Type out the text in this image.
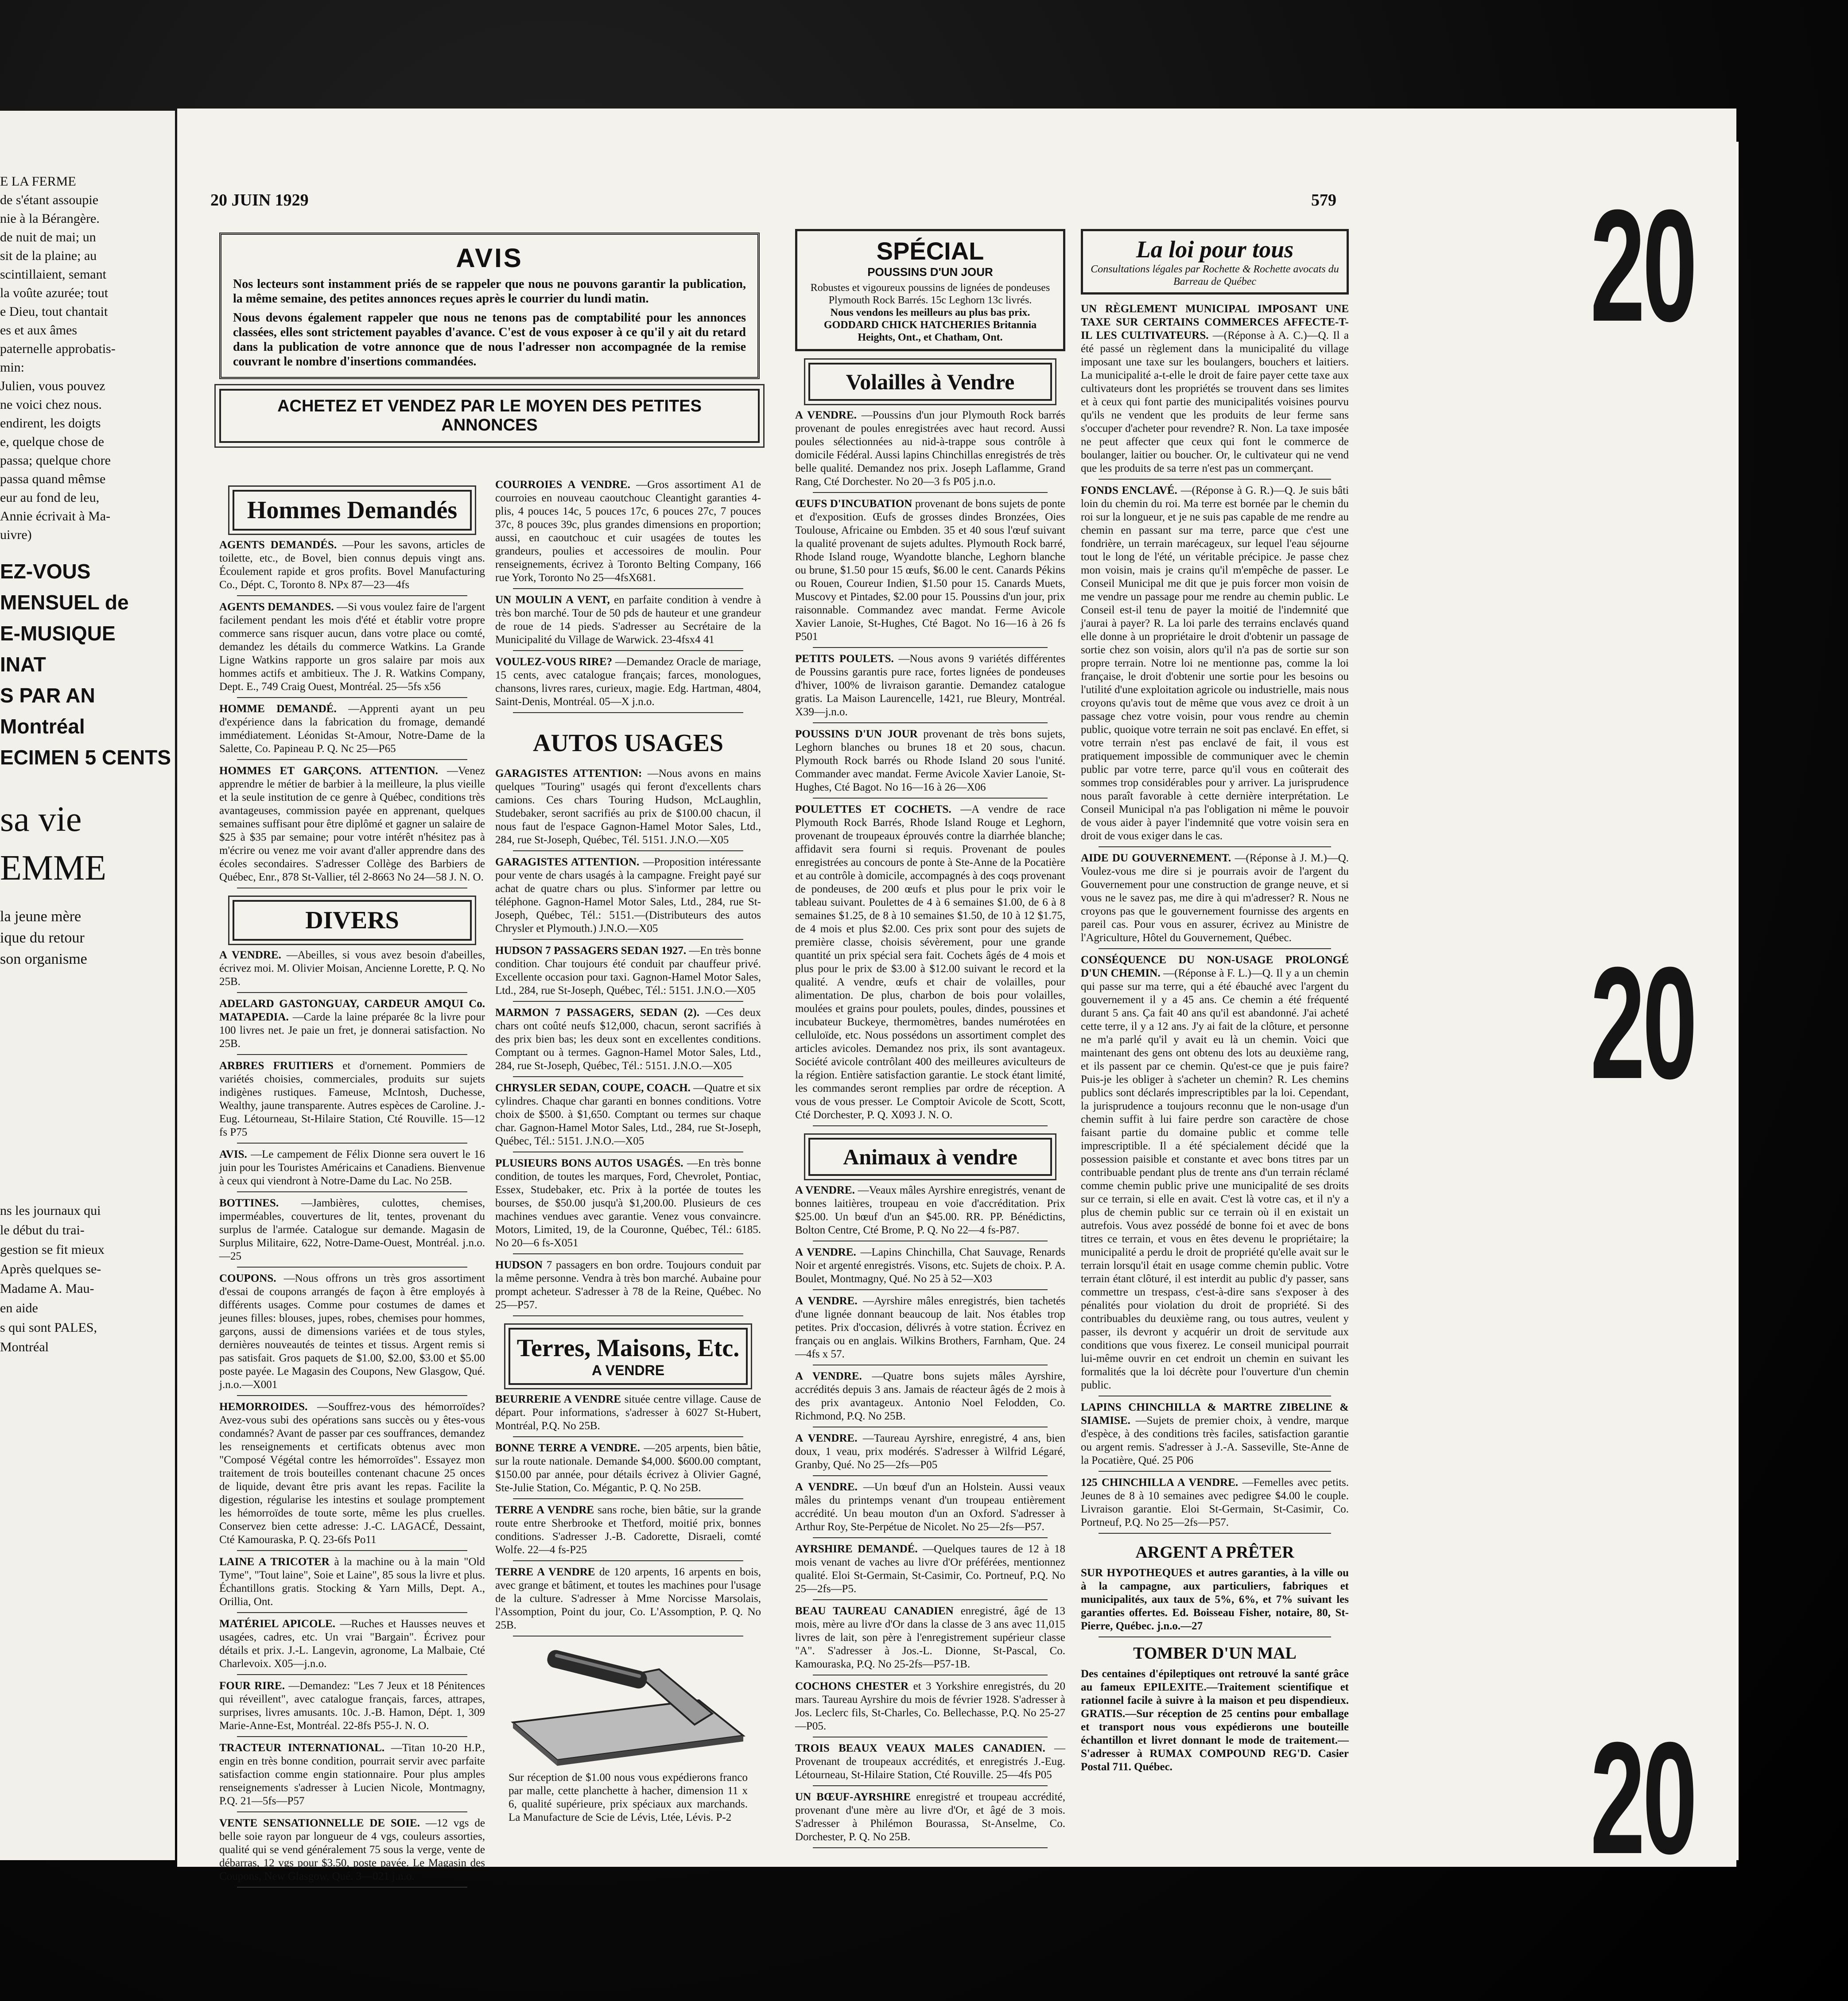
E LA FERME
de s'étant assoupie
nie à la Bérangère.
de nuit de mai; un
sit de la plaine; au
scintillaient, semant
la voûte azurée; tout
e Dieu, tout chantait
es et aux âmes
paternelle approbatis-
min:
Julien, vous pouvez
ne voici chez nous.
endirent, les doigts
e, quelque chose de
passa; quelque chore
passa quand mêmse
eur au fond de leu,
Annie écrivait à Ma-
uivre)
EZ-VOUS
MENSUEL de
E-MUSIQUE
INAT
S PAR AN
Montréal
ECIMEN 5 CENTS
sa vie
EMME
la jeune mère
ique du retour
son organisme
ns les journaux qui
le début du trai-
gestion se fit mieux
Après quelques se-
Madame A. Mau-
en aide
s qui sont PALES,
Montréal
20 JUIN 1929	579
AVIS

Nos lecteurs sont instamment priés de se rappeler que nous ne pouvons garantir la publication, la même semaine, des petites annonces reçues après le courrier du lundi matin.

Nous devons également rappeler que nous ne tenons pas de comptabilité pour les annonces classées, elles sont strictement payables d'avance. C'est de vous exposer à ce qu'il y ait du retard dans la publication de votre annonce que de nous l'adresser non accompagnée de la remise couvrant le nombre d'insertions commandées.

ACHETEZ ET VENDEZ PAR LE MOYEN DES PETITES ANNONCES
Hommes Demandés

AGENTS DEMANDÉS. —Pour les savons, articles de toilette, etc., de Bovel, bien connus depuis vingt ans. Écoulement rapide et gros profits. Bovel Manufacturing Co., Dépt. C, Toronto 8. NPx 87—23—4fs

AGENTS DEMANDES. —Si vous voulez faire de l'argent facilement pendant les mois d'été et établir votre propre commerce sans risquer aucun, dans votre place ou comté, demandez les détails du commerce Watkins. La Grande Ligne Watkins rapporte un gros salaire par mois aux hommes actifs et ambitieux. The J. R. Watkins Company, Dept. E., 749 Craig Ouest, Montréal. 25—5fs x56

HOMME DEMANDÉ. —Apprenti ayant un peu d'expérience dans la fabrication du fromage, demandé immédiatement. Léonidas St-Amour, Notre-Dame de la Salette, Co. Papineau P. Q. Nc 25—P65

HOMMES ET GARÇONS. ATTENTION. —Venez apprendre le métier de barbier à la meilleure, la plus vieille et la seule institution de ce genre à Québec, conditions très avantageuses, commission payée en apprenant, quelques semaines suffisant pour être diplômé et gagner un salaire de $25 à $35 par semaine; pour votre intérêt n'hésitez pas à m'écrire ou venez me voir avant d'aller apprendre dans des écoles secondaires. S'adresser Collège des Barbiers de Québec, Enr., 878 St-Vallier, tél 2-8663 No 24—58 J. N. O.

DIVERS

A VENDRE. —Abeilles, si vous avez besoin d'abeilles, écrivez moi. M. Olivier Moisan, Ancienne Lorette, P. Q. No 25B.

ADELARD GASTONGUAY, CARDEUR AMQUI Co. MATAPEDIA. —Carde la laine préparée 8c la livre pour 100 livres net. Je paie un fret, je donnerai satisfaction. No 25B.

ARBRES FRUITIERS et d'ornement. Pommiers de variétés choisies, commerciales, produits sur sujets indigènes rustiques. Fameuse, McIntosh, Duchesse, Wealthy, jaune transparente. Autres espèces de Caroline. J.-Eug. Létourneau, St-Hilaire Station, Cté Rouville. 15—12 fs P75

AVIS. —Le campement de Félix Dionne sera ouvert le 16 juin pour les Touristes Américains et Canadiens. Bienvenue à ceux qui viendront à Notre-Dame du Lac. No 25B.

BOTTINES. —Jambières, culottes, chemises, imperméables, couvertures de lit, tentes, provenant du surplus de l'armée. Catalogue sur demande. Magasin de Surplus Militaire, 622, Notre-Dame-Ouest, Montréal. j.n.o.—25

COUPONS. —Nous offrons un très gros assortiment d'essai de coupons arrangés de façon à être employés à différents usages. Comme pour costumes de dames et jeunes filles: blouses, jupes, robes, chemises pour hommes, garçons, aussi de dimensions variées et de tous styles, dernières nouveautés de teintes et tissus. Argent remis si pas satisfait. Gros paquets de $1.00, $2.00, $3.00 et $5.00 poste payée. Le Magasin des Coupons, New Glasgow, Qué. j.n.o.—X001

HEMORROIDES. —Souffrez-vous des hémorroïdes? Avez-vous subi des opérations sans succès ou y êtes-vous condamnés? Avant de passer par ces souffrances, demandez les renseignements et certificats obtenus avec mon "Composé Végétal contre les hémorroïdes". Essayez mon traitement de trois bouteilles contenant chacune 25 onces de liquide, devant être pris avant les repas. Facilite la digestion, régularise les intestins et soulage promptement les hémorroïdes de toute sorte, même les plus cruelles. Conservez bien cette adresse: J.-C. LAGACÉ, Dessaint, Cté Kamouraska, P. Q. 23-6fs Po11

LAINE A TRICOTER à la machine ou à la main "Old Tyme", "Tout laine", Soie et Laine", 85 sous la livre et plus. Échantillons gratis. Stocking & Yarn Mills, Dept. A., Orillia, Ont.

MATÉRIEL APICOLE. —Ruches et Hausses neuves et usagées, cadres, etc. Un vrai "Bargain". Écrivez pour détails et prix. J.-L. Langevin, agronome, La Malbaie, Cté Charlevoix. X05—j.n.o.

FOUR RIRE. —Demandez: "Les 7 Jeux et 18 Pénitences qui réveillent", avec catalogue français, farces, attrapes, surprises, livres amusants. 10c. J.-B. Hamon, Dépt. 1, 309 Marie-Anne-Est, Montréal. 22-8fs P55-J. N. O.

TRACTEUR INTERNATIONAL. —Titan 10-20 H.P., engin en très bonne condition, pourrait servir avec parfaite satisfaction comme engin stationnaire. Pour plus amples renseignements s'adresser à Lucien Nicole, Montmagny, P.Q. 21—5fs—P57

VENTE SENSATIONNELLE DE SOIE. —12 vgs de belle soie rayon par longueur de 4 vgs, couleurs assorties, qualité qui se vend généralement 75 sous la verge, vente de débarras, 12 vgs pour $3.50, poste payée. Le Magasin des Coupons, New Glasgow, Qué. 3—021 j.n.o.

COURROIES A VENDRE. —Gros assortiment A1 de courroies en nouveau caoutchouc Cleantight garanties 4-plis, 4 pouces 14c, 5 pouces 17c, 6 pouces 27c, 7 pouces 37c, 8 pouces 39c, plus grandes dimensions en proportion; aussi, en caoutchouc et cuir usagées de toutes les grandeurs, poulies et accessoires de moulin. Pour renseignements, écrivez à Toronto Belting Company, 166 rue York, Toronto No 25—4fsX681.

UN MOULIN A VENT, en parfaite condition à vendre à très bon marché. Tour de 50 pds de hauteur et une grandeur de roue de 14 pieds. S'adresser au Secrétaire de la Municipalité du Village de Warwick. 23-4fsx4 41

VOULEZ-VOUS RIRE? —Demandez Oracle de mariage, 15 cents, avec catalogue français; farces, monologues, chansons, livres rares, curieux, magie. Edg. Hartman, 4804, Saint-Denis, Montréal. 05—X j.n.o.

AUTOS USAGES

GARAGISTES ATTENTION: —Nous avons en mains quelques "Touring" usagés qui feront d'excellents chars camions. Ces chars Touring Hudson, McLaughlin, Studebaker, seront sacrifiés au prix de $100.00 chacun, il nous faut de l'espace Gagnon-Hamel Motor Sales, Ltd., 284, rue St-Joseph, Québec, Tél. 5151. J.N.O.—X05

GARAGISTES ATTENTION. —Proposition intéressante pour vente de chars usagés à la campagne. Freight payé sur achat de quatre chars ou plus. S'informer par lettre ou téléphone. Gagnon-Hamel Motor Sales, Ltd., 284, rue St-Joseph, Québec, Tél.: 5151.—(Distributeurs des autos Chrysler et Plymouth.) J.N.O.—X05

HUDSON 7 PASSAGERS SEDAN 1927. —En très bonne condition. Char toujours été conduit par chauffeur privé. Excellente occasion pour taxi. Gagnon-Hamel Motor Sales, Ltd., 284, rue St-Joseph, Québec, Tél.: 5151. J.N.O.—X05

MARMON 7 PASSAGERS, SEDAN (2). —Ces deux chars ont coûté neufs $12,000, chacun, seront sacrifiés à des prix bien bas; les deux sont en excellentes conditions. Comptant ou à termes. Gagnon-Hamel Motor Sales, Ltd., 284, rue St-Joseph, Québec, Tél.: 5151. J.N.O.—X05

CHRYSLER SEDAN, COUPE, COACH. —Quatre et six cylindres. Chaque char garanti en bonnes conditions. Votre choix de $500. à $1,650. Comptant ou termes sur chaque char. Gagnon-Hamel Motor Sales, Ltd., 284, rue St-Joseph, Québec, Tél.: 5151. J.N.O.—X05

PLUSIEURS BONS AUTOS USAGÉS. —En très bonne condition, de toutes les marques, Ford, Chevrolet, Pontiac, Essex, Studebaker, etc. Prix à la portée de toutes les bourses, de $50.00 jusqu'à $1,200.00. Plusieurs de ces machines vendues avec garantie. Venez vous convaincre. Motors, Limited, 19, de la Couronne, Québec, Tél.: 6185. No 20—6 fs-X051

HUDSON 7 passagers en bon ordre. Toujours conduit par la même personne. Vendra à très bon marché. Aubaine pour prompt acheteur. S'adresser à 78 de la Reine, Québec. No 25—P57.

Terres, Maisons, Etc.
A VENDRE

BEURRERIE A VENDRE située centre village. Cause de départ. Pour informations, s'adresser à 6027 St-Hubert, Montréal, P.Q. No 25B.

BONNE TERRE A VENDRE. —205 arpents, bien bâtie, sur la route nationale. Demande $4,000. $600.00 comptant, $150.00 par année, pour détails écrivez à Olivier Gagné, Ste-Julie Station, Co. Mégantic, P. Q. No 25B.

TERRE A VENDRE sans roche, bien bâtie, sur la grande route entre Sherbrooke et Thetford, moitié prix, bonnes conditions. S'adresser J.-B. Cadorette, Disraeli, comté Wolfe. 22—4 fs-P25

TERRE A VENDRE de 120 arpents, 16 arpents en bois, avec grange et bâtiment, et toutes les machines pour l'usage de la culture. S'adresser à Mme Norcisse Marsolais, l'Assomption, Point du jour, Co. L'Assomption, P. Q. No 25B.

Sur réception de $1.00 nous vous expédierons franco par malle, cette planchette à hacher, dimension 11 x 6, qualité supérieure, prix spéciaux aux marchands. La Manufacture de Scie de Lévis, Ltée, Lévis. P-2

SPÉCIAL
POUSSINS D'UN JOUR

Robustes et vigoureux poussins de lignées de pondeuses Plymouth Rock Barrés. 15c Leghorn 13c livrés.

Nous vendons les meilleurs au plus bas prix.

GODDARD CHICK HATCHERIES Britannia Heights, Ont., et Chatham, Ont.

Volailles à Vendre

A VENDRE. —Poussins d'un jour Plymouth Rock barrés provenant de poules enregistrées avec haut record. Aussi poules sélectionnées au nid-à-trappe sous contrôle à domicile Fédéral. Aussi lapins Chinchillas enregistrés de très belle qualité. Demandez nos prix. Joseph Laflamme, Grand Rang, Cté Dorchester. No 20—3 fs P05 j.n.o.

ŒUFS D'INCUBATION provenant de bons sujets de ponte et d'exposition. Œufs de grosses dindes Bronzées, Oies Toulouse, Africaine ou Embden. 35 et 40 sous l'œuf suivant la qualité provenant de sujets adultes. Plymouth Rock barré, Rhode Island rouge, Wyandotte blanche, Leghorn blanche ou brune, $1.50 pour 15 œufs, $6.00 le cent. Canards Pékins ou Rouen, Coureur Indien, $1.50 pour 15. Canards Muets, Muscovy et Pintades, $2.00 pour 15. Poussins d'un jour, prix raisonnable. Commandez avec mandat. Ferme Avicole Xavier Lanoie, St-Hughes, Cté Bagot. No 16—16 à 26 fs P501

PETITS POULETS. —Nous avons 9 variétés différentes de Poussins garantis pure race, fortes lignées de pondeuses d'hiver, 100% de livraison garantie. Demandez catalogue gratis. La Maison Laurencelle, 1421, rue Bleury, Montréal. X39—j.n.o.

POUSSINS D'UN JOUR provenant de très bons sujets, Leghorn blanches ou brunes 18 et 20 sous, chacun. Plymouth Rock barrés ou Rhode Island 20 sous l'unité. Commander avec mandat. Ferme Avicole Xavier Lanoie, St-Hughes, Cté Bagot. No 16—16 à 26—X06

POULETTES ET COCHETS. —A vendre de race Plymouth Rock Barrés, Rhode Island Rouge et Leghorn, provenant de troupeaux éprouvés contre la diarrhée blanche; affidavit sera fourni si requis. Provenant de poules enregistrées au concours de ponte à Ste-Anne de la Pocatière et au contrôle à domicile, accompagnés à des coqs provenant de pondeuses, de 200 œufs et plus pour le prix voir le tableau suivant. Poulettes de 4 à 6 semaines $1.00, de 6 à 8 semaines $1.25, de 8 à 10 semaines $1.50, de 10 à 12 $1.75, de 4 mois et plus $2.00. Ces prix sont pour des sujets de première classe, choisis sévèrement, pour une grande quantité un prix spécial sera fait. Cochets âgés de 4 mois et plus pour le prix de $3.00 à $12.00 suivant le record et la qualité. A vendre, œufs et chair de volailles, pour alimentation. De plus, charbon de bois pour volailles, moulées et grains pour poulets, poules, dindes, poussines et incubateur Buckeye, thermomètres, bandes numérotées en celluloïde, etc. Nous possédons un assortiment complet des articles avicoles. Demandez nos prix, ils sont avantageux. Société avicole contrôlant 400 des meilleures aviculteurs de la région. Entière satisfaction garantie. Le stock étant limité, les commandes seront remplies par ordre de réception. A vous de vous presser. Le Comptoir Avicole de Scott, Scott, Cté Dorchester, P. Q. X093 J. N. O.

Animaux à vendre

A VENDRE. —Veaux mâles Ayrshire enregistrés, venant de bonnes laitières, troupeau en voie d'accréditation. Prix $25.00. Un bœuf d'un an $45.00. RR. PP. Bénédictins, Bolton Centre, Cté Brome, P. Q. No 22—4 fs-P87.

A VENDRE. —Lapins Chinchilla, Chat Sauvage, Renards Noir et argenté enregistrés. Visons, etc. Sujets de choix. P. A. Boulet, Montmagny, Qué. No 25 à 52—X03

A VENDRE. —Ayrshire mâles enregistrés, bien tachetés d'une lignée donnant beaucoup de lait. Nos étables trop petites. Prix d'occasion, délivrés à votre station. Écrivez en français ou en anglais. Wilkins Brothers, Farnham, Que. 24—4fs x 57.

A VENDRE. —Quatre bons sujets mâles Ayrshire, accrédités depuis 3 ans. Jamais de réacteur âgés de 2 mois à des prix avantageux. Antonio Noel Felodden, Co. Richmond, P.Q. No 25B.

A VENDRE. —Taureau Ayrshire, enregistré, 4 ans, bien doux, 1 veau, prix modérés. S'adresser à Wilfrid Légaré, Granby, Qué. No 25—2fs—P05

A VENDRE. —Un bœuf d'un an Holstein. Aussi veaux mâles du printemps venant d'un troupeau entièrement accrédité. Un beau mouton d'un an Oxford. S'adresser à Arthur Roy, Ste-Perpétue de Nicolet. No 25—2fs—P57.

AYRSHIRE DEMANDÉ. —Quelques taures de 12 à 18 mois venant de vaches au livre d'Or préférées, mentionnez qualité. Eloi St-Germain, St-Casimir, Co. Portneuf, P.Q. No 25—2fs—P5.

BEAU TAUREAU CANADIEN enregistré, âgé de 13 mois, mère au livre d'Or dans la classe de 3 ans avec 11,015 livres de lait, son père à l'enregistrement supérieur classe "A". S'adresser à Jos.-L. Dionne, St-Pascal, Co. Kamouraska, P.Q. No 25-2fs—P57-1B.

COCHONS CHESTER et 3 Yorkshire enregistrés, du 20 mars. Taureau Ayrshire du mois de février 1928. S'adresser à Jos. Leclerc fils, St-Charles, Co. Bellechasse, P.Q. No 25-27—P05.

TROIS BEAUX VEAUX MALES CANADIEN. —Provenant de troupeaux accrédités, et enregistrés J.-Eug. Létourneau, St-Hilaire Station, Cté Rouville. 25—4fs P05

UN BŒUF-AYRSHIRE enregistré et troupeau accrédité, provenant d'une mère au livre d'Or, et âgé de 3 mois. S'adresser à Philémon Bourassa, St-Anselme, Co. Dorchester, P. Q. No 25B.

La loi pour tous

Consultations légales par Rochette & Rochette avocats du Barreau de Québec

UN RÈGLEMENT MUNICIPAL IMPOSANT UNE TAXE SUR CERTAINS COMMERCES AFFECTE-T-IL LES CULTIVATEURS. —(Réponse à A. C.)—Q. Il a été passé un règlement dans la municipalité du village imposant une taxe sur les boulangers, bouchers et laitiers. La municipalité a-t-elle le droit de faire payer cette taxe aux cultivateurs dont les propriétés se trouvent dans ses limites et à ceux qui font partie des municipalités voisines pourvu qu'ils ne vendent que les produits de leur ferme sans s'occuper d'acheter pour revendre? R. Non. La taxe imposée ne peut affecter que ceux qui font le commerce de boulanger, laitier ou boucher. Or, le cultivateur qui ne vend que les produits de sa terre n'est pas un commerçant.

FONDS ENCLAVÉ. —(Réponse à G. R.)—Q. Je suis bâti loin du chemin du roi. Ma terre est bornée par le chemin du roi sur la longueur, et je ne suis pas capable de me rendre au chemin en passant sur ma terre, parce que c'est une fondrière, un terrain marécageux, sur lequel l'eau séjourne tout le long de l'été, un véritable précipice. Je passe chez mon voisin, mais je crains qu'il m'empêche de passer. Le Conseil Municipal me dit que je puis forcer mon voisin de me vendre un passage pour me rendre au chemin public. Le Conseil est-il tenu de payer la moitié de l'indemnité que j'aurai à payer? R. La loi parle des terrains enclavés quand elle donne à un propriétaire le droit d'obtenir un passage de sortie chez son voisin, alors qu'il n'a pas de sortie sur son propre terrain. Notre loi ne mentionne pas, comme la loi française, le droit d'obtenir une sortie pour les besoins ou l'utilité d'une exploitation agricole ou industrielle, mais nous croyons qu'avis tout de même que vous avez ce droit à un passage chez votre voisin, pour vous rendre au chemin public, quoique votre terrain ne soit pas enclavé. En effet, si votre terrain n'est pas enclavé de fait, il vous est pratiquement impossible de communiquer avec le chemin public par votre terre, parce qu'il vous en coûterait des sommes trop considérables pour y arriver. La jurisprudence nous paraît favorable à cette dernière interprétation. Le Conseil Municipal n'a pas l'obligation ni même le pouvoir de vous aider à payer l'indemnité que votre voisin sera en droit de vous exiger dans le cas.

AIDE DU GOUVERNEMENT. —(Réponse à J. M.)—Q. Voulez-vous me dire si je pourrais avoir de l'argent du Gouvernement pour une construction de grange neuve, et si vous ne le savez pas, me dire à qui m'adresser? R. Nous ne croyons pas que le gouvernement fournisse des argents en pareil cas. Pour vous en assurer, écrivez au Ministre de l'Agriculture, Hôtel du Gouvernement, Québec.

CONSÉQUENCE DU NON-USAGE PROLONGÉ D'UN CHEMIN. —(Réponse à F. L.)—Q. Il y a un chemin qui passe sur ma terre, qui a été ébauché avec l'argent du gouvernement il y a 45 ans. Ce chemin a été fréquenté durant 5 ans. Ça fait 40 ans qu'il est abandonné. J'ai acheté cette terre, il y a 12 ans. J'y ai fait de la clôture, et personne ne m'a parlé qu'il y avait eu là un chemin. Voici que maintenant des gens ont obtenu des lots au deuxième rang, et ils passent par ce chemin. Qu'est-ce que je puis faire? Puis-je les obliger à s'acheter un chemin? R. Les chemins publics sont déclarés imprescriptibles par la loi. Cependant, la jurisprudence a toujours reconnu que le non-usage d'un chemin suffit à lui faire perdre son caractère de chose faisant partie du domaine public et comme telle imprescriptible. Il a été spécialement décidé que la possession paisible et constante et avec bons titres par un contribuable pendant plus de trente ans d'un terrain réclamé comme chemin public prive une municipalité de ses droits sur ce terrain, si elle en avait. C'est là votre cas, et il n'y a plus de chemin public sur ce terrain où il en existait un autrefois. Vous avez possédé de bonne foi et avec de bons titres ce terrain, et vous en êtes devenu le propriétaire; la municipalité a perdu le droit de propriété qu'elle avait sur le terrain lorsqu'il était en usage comme chemin public. Votre terrain étant clôturé, il est interdit au public d'y passer, sans commettre un trespass, c'est-à-dire sans s'exposer à des pénalités pour violation du droit de propriété. Si des contribuables du deuxième rang, ou tous autres, veulent y passer, ils devront y acquérir un droit de servitude aux conditions que vous fixerez. Le conseil municipal pourrait lui-même ouvrir en cet endroit un chemin en suivant les formalités que la loi décrète pour l'ouverture d'un chemin public.

LAPINS CHINCHILLA & MARTRE ZIBELINE & SIAMISE. —Sujets de premier choix, à vendre, marque d'espèce, à des conditions très faciles, satisfaction garantie ou argent remis. S'adresser à J.-A. Sasseville, Ste-Anne de la Pocatière, Qué. 25 P06

125 CHINCHILLA A VENDRE. —Femelles avec petits. Jeunes de 8 à 10 semaines avec pedigree $4.00 le couple. Livraison garantie. Eloi St-Germain, St-Casimir, Co. Portneuf, P.Q. No 25—2fs—P57.

ARGENT A PRÊTER

SUR HYPOTHEQUES et autres garanties, à la ville ou à la campagne, aux particuliers, fabriques et municipalités, aux taux de 5%, 6%, et 7% suivant les garanties offertes. Ed. Boisseau Fisher, notaire, 80, St-Pierre, Québec. j.n.o.—27

TOMBER D'UN MAL

Des centaines d'épileptiques ont retrouvé la santé grâce au fameux EPILEXITE.—Traitement scientifique et rationnel facile à suivre à la maison et peu dispendieux. GRATIS.—Sur réception de 25 centins pour emballage et transport nous vous expédierons une bouteille échantillon et livret donnant le mode de traitement.—S'adresser à RUMAX COMPOUND REG'D. Casier Postal 711. Québec.

20
20
20
